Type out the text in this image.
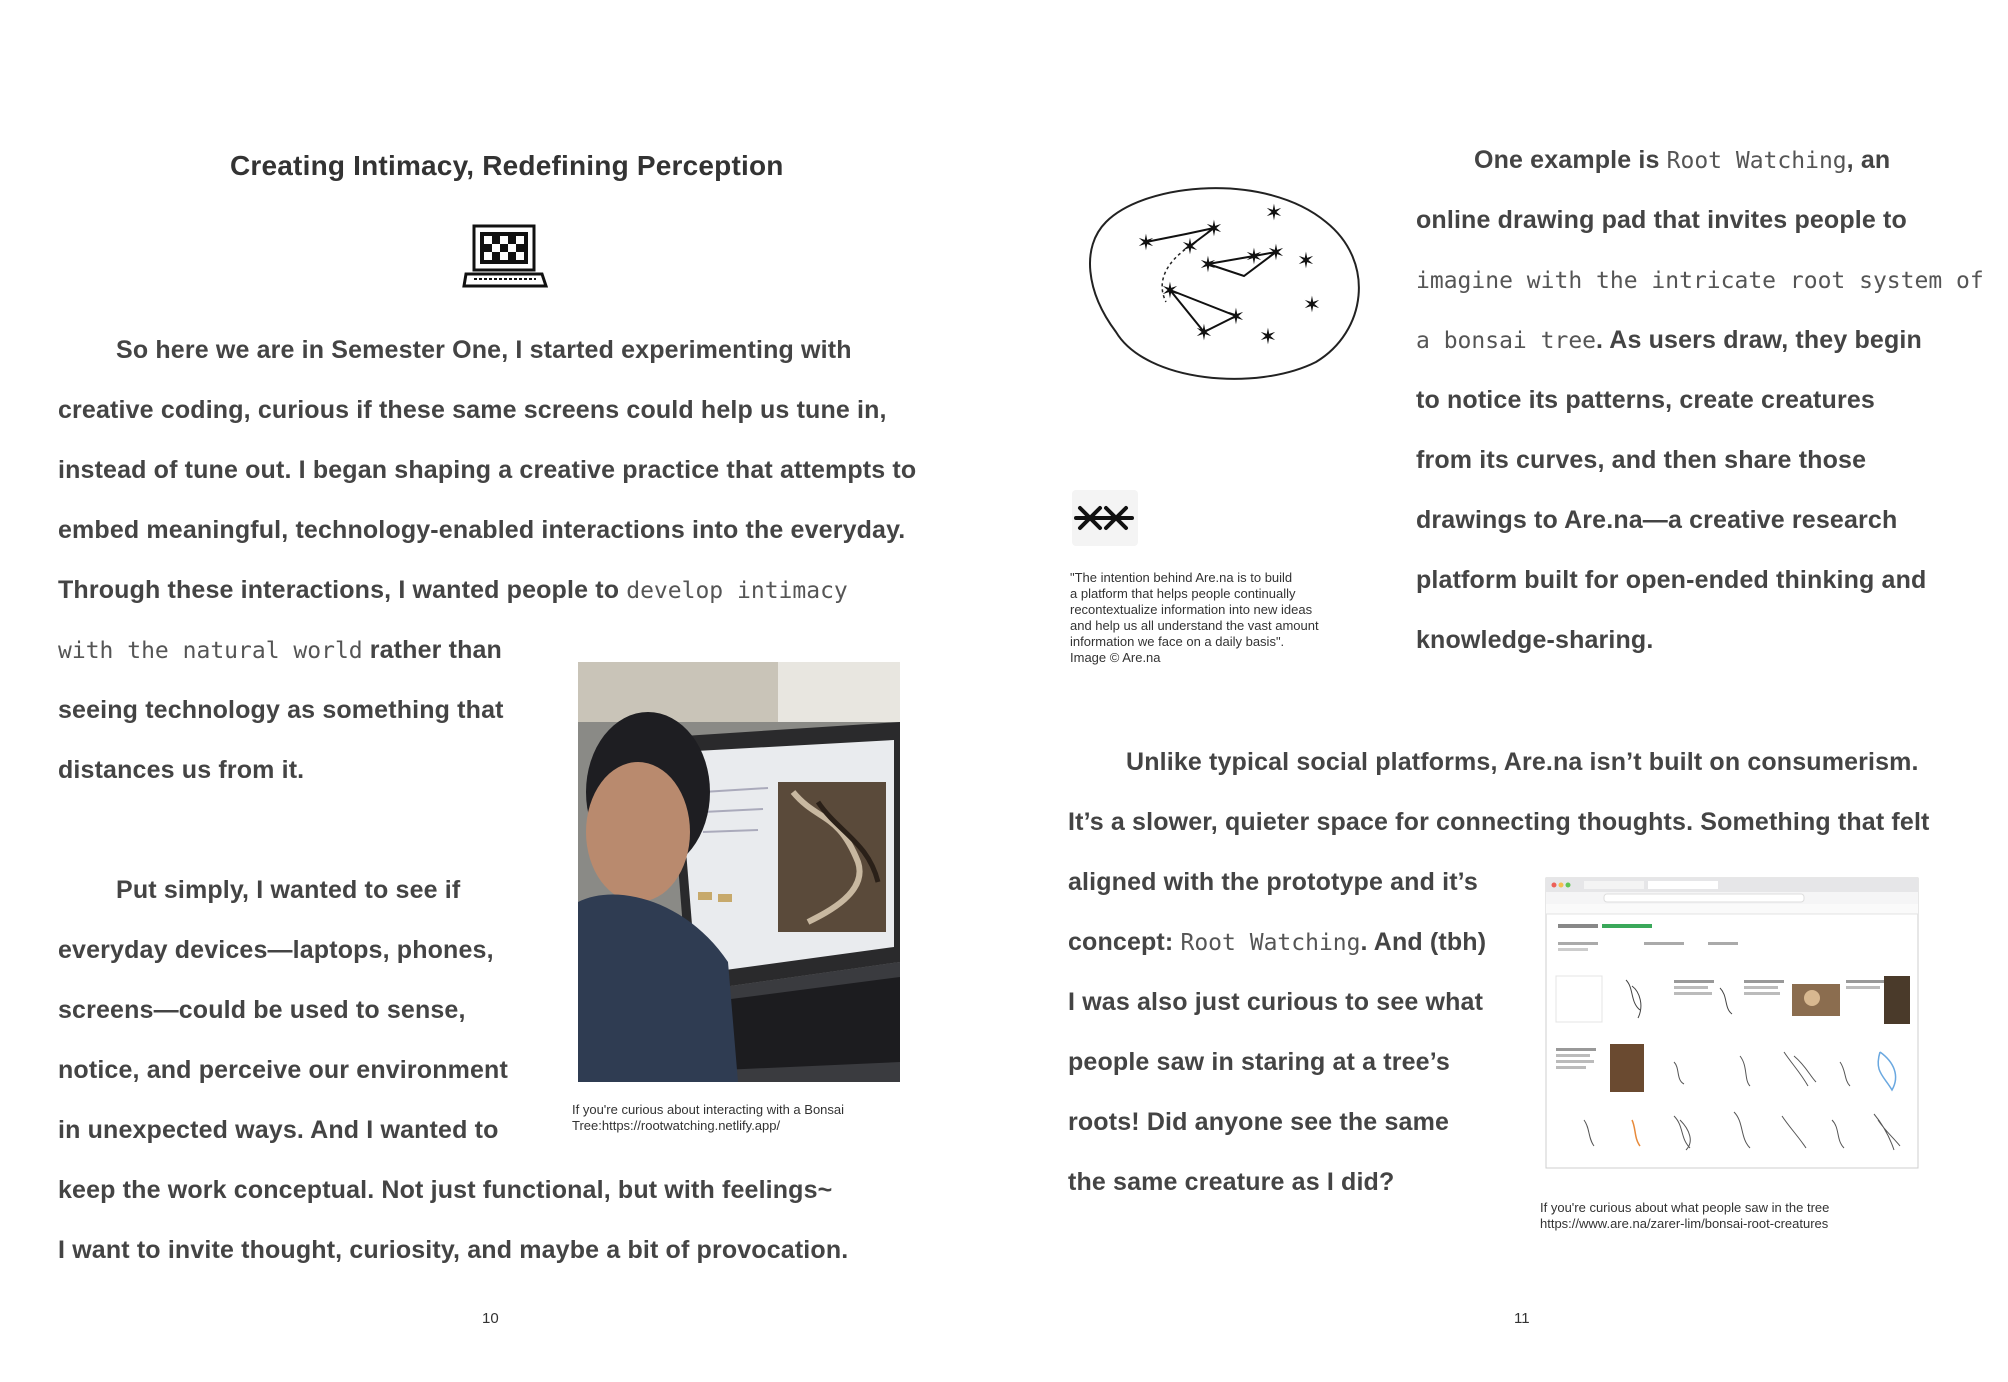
Creating Intimacy, Redefining Perception
So here we are in Semester One, I started experimenting with
creative coding, curious if these same screens could help us tune in,
instead of tune out. I began shaping a creative practice that attempts to
embed meaningful, technology-enabled interactions into the everyday.
Through these interactions, I wanted people to develop intimacy
with the natural world rather than
seeing technology as something that
distances us from it.
Put simply, I wanted to see if
everyday devices—laptops, phones,
screens—could be used to sense,
notice, and perceive our environment
in unexpected ways. And I wanted to
keep the work conceptual. Not just functional, but with feelings~
I want to invite thought, curiosity, and maybe a bit of provocation.
If you're curious about interacting with a Bonsai
Tree:https://rootwatching.netlify.app/
10
✶ ✶
✶
✶ ✶
✶
✶
✶
✶
✶
✶
✶ ✶
"The intention behind Are.na is to build
a platform that helps people continually
recontextualize information into new ideas
and help us all understand the vast amount
information we face on a daily basis".
Image © Are.na
One example is Root Watching, an
online drawing pad that invites people to
imagine with the intricate root system of
a bonsai tree. As users draw, they begin
to notice its patterns, create creatures
from its curves, and then share those
drawings to Are.na—a creative research
platform built for open-ended thinking and
knowledge-sharing.
Unlike typical social platforms, Are.na isn’t built on consumerism.
It’s a slower, quieter space for connecting thoughts. Something that felt
aligned with the prototype and it’s
concept: Root Watching. And (tbh)
I was also just curious to see what
people saw in staring at a tree’s
roots! Did anyone see the same
the same creature as I did?
If you're curious about what people saw in the tree
https://www.are.na/zarer-lim/bonsai-root-creatures
11
